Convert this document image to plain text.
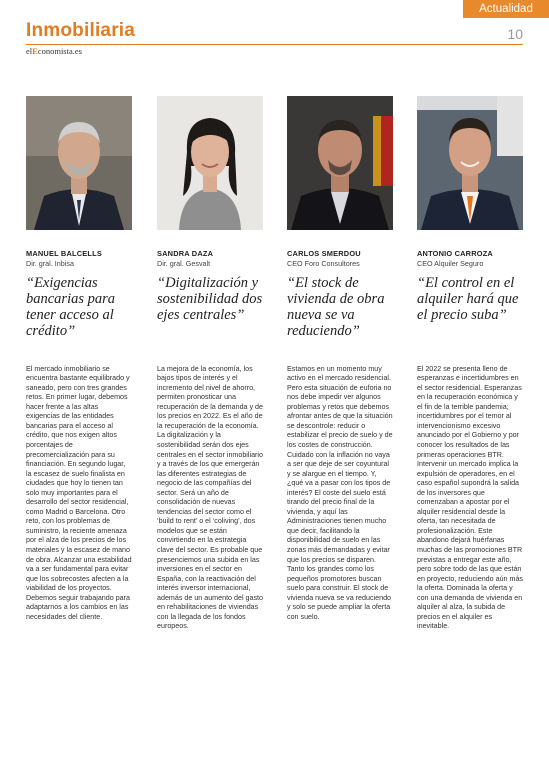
Actualidad
Inmobiliaria	10
elEconomista.es
MANUEL BALCELLS
Dir. gral. Inbisa
“Exigencias bancarias para tener acceso al crédito”
El mercado inmobiliario se encuentra bastante equilibrado y saneado, pero con tres grandes retos. En primer lugar, debemos hacer frente a las altas exigencias de las entidades bancarias para el acceso al crédito, que nos exigen altos porcentajes de precomercialización para su financiación. En segundo lugar, la escasez de suelo finalista en ciudades que hoy lo tienen tan solo muy importantes para el desarrollo del sector residencial, como Madrid o Barcelona. Otro reto, con los problemas de suministro, la reciente amenaza por el alza de los precios de los materiales y la escasez de mano de obra. Alcanzar una estabilidad va a ser fundamental para evitar que los sobrecostes afecten a la viabilidad de los proyectos. Debemos seguir trabajando para adaptarnos a los cambios en las necesidades del cliente.
SANDRA DAZA
Dir. gral. Gesvalt
“Digitalización y sostenibilidad dos ejes centrales”
La mejora de la economía, los bajos tipos de interés y el incremento del nivel de ahorro, permiten pronosticar una recuperación de la demanda y de los precios en 2022. Es el año de la recuperación de la economía. La digitalización y la sostenibilidad serán dos ejes centrales en el sector inmobiliario y a través de los que emergerán las diferentes estrategias de negocio de las compañías del sector. Será un año de consolidación de nuevas tendencias del sector como el ‘build to rent’ o el ‘coliving’, dos modelos que se están convirtiendo en la estrategia clave del sector. Es probable que presenciemos una subida en las inversiones en el sector en España, con la reactivación del interés inversor internacional, además de un aumento del gasto en rehabilitaciones de viviendas con la llegada de los fondos europeos.
CARLOS SMERDOU
CEO Foro Consultores
“El stock de vivienda de obra nueva se va reduciendo”
Estamos en un momento muy activo en el mercado residencial. Pero esta situación de euforia no nos debe impedir ver algunos problemas y retos que debemos afrontar antes de que la situación se descontrole: reducir o estabilizar el precio de suelo y de los costes de construcción. Cuidado con la inflación no vaya a ser que deje de ser coyuntural y se alargue en el tiempo. Y, ¿qué va a pasar con los tipos de interés? El coste del suelo está tirando del precio final de la vivienda, y aquí las Administraciones tienen mucho que decir, facilitando la disponibilidad de suelo en las zonas más demandadas y evitar que los precios se disparen. Tanto los grandes como los pequeños promotores buscan suelo para construir. El stock de vivienda nueva se va reduciendo y solo se puede ampliar la oferta con suelo.
ANTONIO CARROZA
CEO Alquiler Seguro
“El control en el alquiler hará que el precio suba”
El 2022 se presenta lleno de esperanzas e incertidumbres en el sector residencial. Esperanzas en la recuperación económica y el fin de la terrible pandemia; incertidumbres por el temor al intervencionismo excesivo anunciado por el Gobierno y por conocer los resultados de las primeras operaciones BTR. Intervenir un mercado implica la expulsión de operadores, en el caso español supondrá la salida de los inversores que comenzaban a apostar por el alquiler residencial desde la oferta, tan necesitada de profesionalización. Este abandono dejará huérfanas muchas de las promociones BTR previstas a entregar este año, pero sobre todo de las que están en proyecto, reduciendo aún más la oferta. Dominada la oferta y con una demanda de vivienda en alquiler al alza, la subida de precios en el alquiler es inevitable.
